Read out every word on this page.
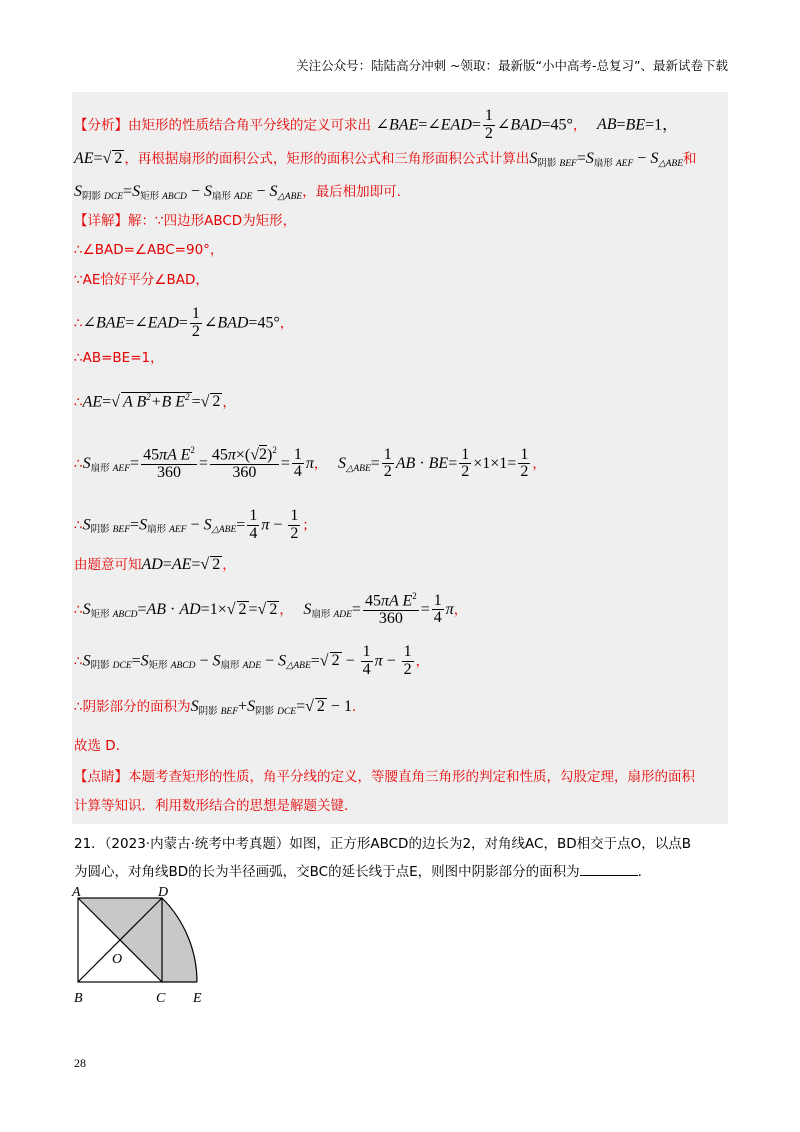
关注公众号：陆陆高分冲刺 ~领取：最新版“小中高考-总复习”、最新试卷下载
【分析】由矩形的性质结合角平分线的定义可求出 ∠BAE=∠EAD= $\frac{1}{2}$ ∠BAD=45°， AB=BE=1，
AE=√ 2 ，再根据扇形的面积公式，矩形的面积公式和三角形面积公式计算出$S_{阴影}$ $_{BEF}=S_{扇形}$ $_{AEF} - S_{\triangle ABE}$和
$S_{阴影}$ $_{DCE}=S_{矩形}$ $_{ABCD} - S_{扇形}$ $_{ADE} - S_{\triangle ABE}$，最后相加即可.
【详解】解：∵四边形ABCD为矩形，
∴∠BAD=∠ABC=90°，
∵AE恰好平分∠BAD，
∴∠BAE=∠EAD= $\frac{1}{2}$ ∠BAD=45°，
∴AB=BE=1，
∴AE=√ A $B^2+B$ $E^2$ =√ 2 ，
$\therefore S_{扇形}$ $_{AEF}= \frac{45\pi A E^2}{360} = \frac{45\pi\times(√2)^2}{360} = \frac{1}{4}$ π， $S_{\triangle ABE}= \frac{1}{2}$ AB · $BE= \frac{1}{2} \times 1\times 1= \frac{1}{2}$ ，
$\therefore S_{阴影}$ $_{BEF}=S_{扇形}$ $_{AEF} - S_{\triangle ABE}= \frac{1}{4}$ $\pi - \frac{1}{2}$ ；
由题意可知AD=AE=√ 2 ，
$\therefore S_{矩形}$ $_{ABCD}$=AB · AD=1×√ 2 =√ 2 ， $S_{扇形}$ $_{ADE}= \frac{45\pi A E^2}{360} = \frac{1}{4}$ π，
$\therefore S_{阴影}$ $_{DCE}=S_{矩形}$ $_{ABCD} - S_{扇形}$ $_{ADE} - S_{\triangle ABE}=√$ $2 - \frac{1}{4}$ $\pi - \frac{1}{2}$ ，
∴阴影部分的面积为$S_{阴影}$ $_{BEF}+S_{阴影}$ $_{DCE}$=√ 2 − 1．
故选 D.
【点睛】本题考查矩形的性质，角平分线的定义，等腰直角三角形的判定和性质，勾股定理，扇形的面积
计算等知识．利用数形结合的思想是解题关键.
21．（2023·内蒙古·统考中考真题）如图，正方形ABCD的边长为2，对角线AC，BD相交于点O，以点B
为圆心，对角线BD的长为半径画弧，交BC的延长线于点E，则图中阴影部分的面积为	.
A	D
O
B	C E
28
